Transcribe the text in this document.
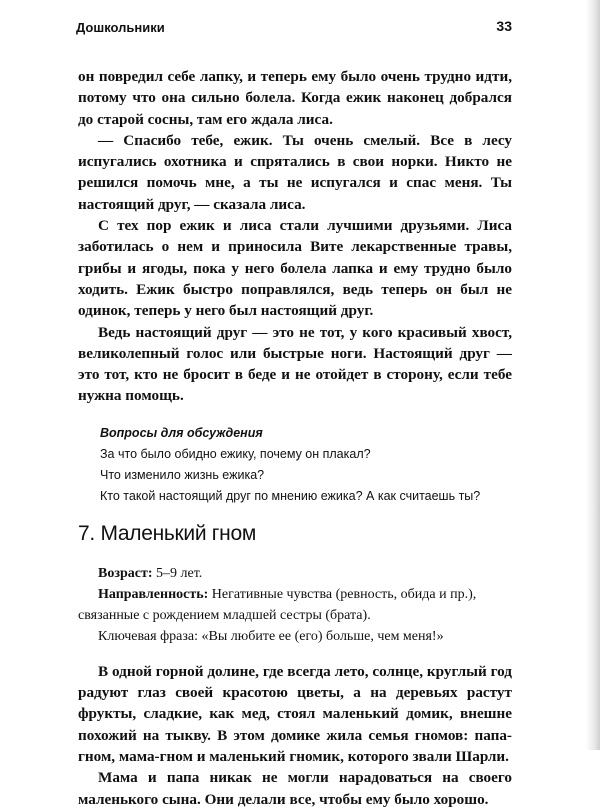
Дошкольники	33

он повредил себе лапку, и теперь ему было очень трудно идти, потому что она сильно болела. Когда ежик наконец добрался до старой сосны, там его ждала лиса.

— Спасибо тебе, ежик. Ты очень смелый. Все в лесу испугались охотника и спрятались в свои норки. Никто не решился помочь мне, а ты не испугался и спас меня. Ты настоящий друг, — сказала лиса.

С тех пор ежик и лиса стали лучшими друзьями. Лиса заботилась о нем и приносила Вите лекарственные травы, грибы и ягоды, пока у него болела лапка и ему трудно было ходить. Ежик быстро поправлялся, ведь теперь он был не одинок, теперь у него был настоящий друг.

Ведь настоящий друг — это не тот, у кого красивый хвост, великолепный голос или быстрые ноги. Настоящий друг — это тот, кто не бросит в беде и не отойдет в сторону, если тебе нужна помощь.

Вопросы для обсуждения
За что было обидно ежику, почему он плакал?
Что изменило жизнь ежика?
Кто такой настоящий друг по мнению ежика? А как считаешь ты?
7. Маленький гном
Возраст: 5–9 лет.
Направленность: Негативные чувства (ревность, обида и пр.),
связанные с рождением младшей сестры (брата).
Ключевая фраза: «Вы любите ее (его) больше, чем меня!»

В одной горной долине, где всегда лето, солнце, круглый год радуют глаз своей красотою цветы, а на деревьях растут фрукты, сладкие, как мед, стоял маленький домик, внешне похожий на тыкву. В этом домике жила семья гномов: папа-гном, мама-гном и маленький гномик, которого звали Шарли.

Мама и папа никак не могли нарадоваться на своего маленького сына. Они делали все, чтобы ему было хорошо.
